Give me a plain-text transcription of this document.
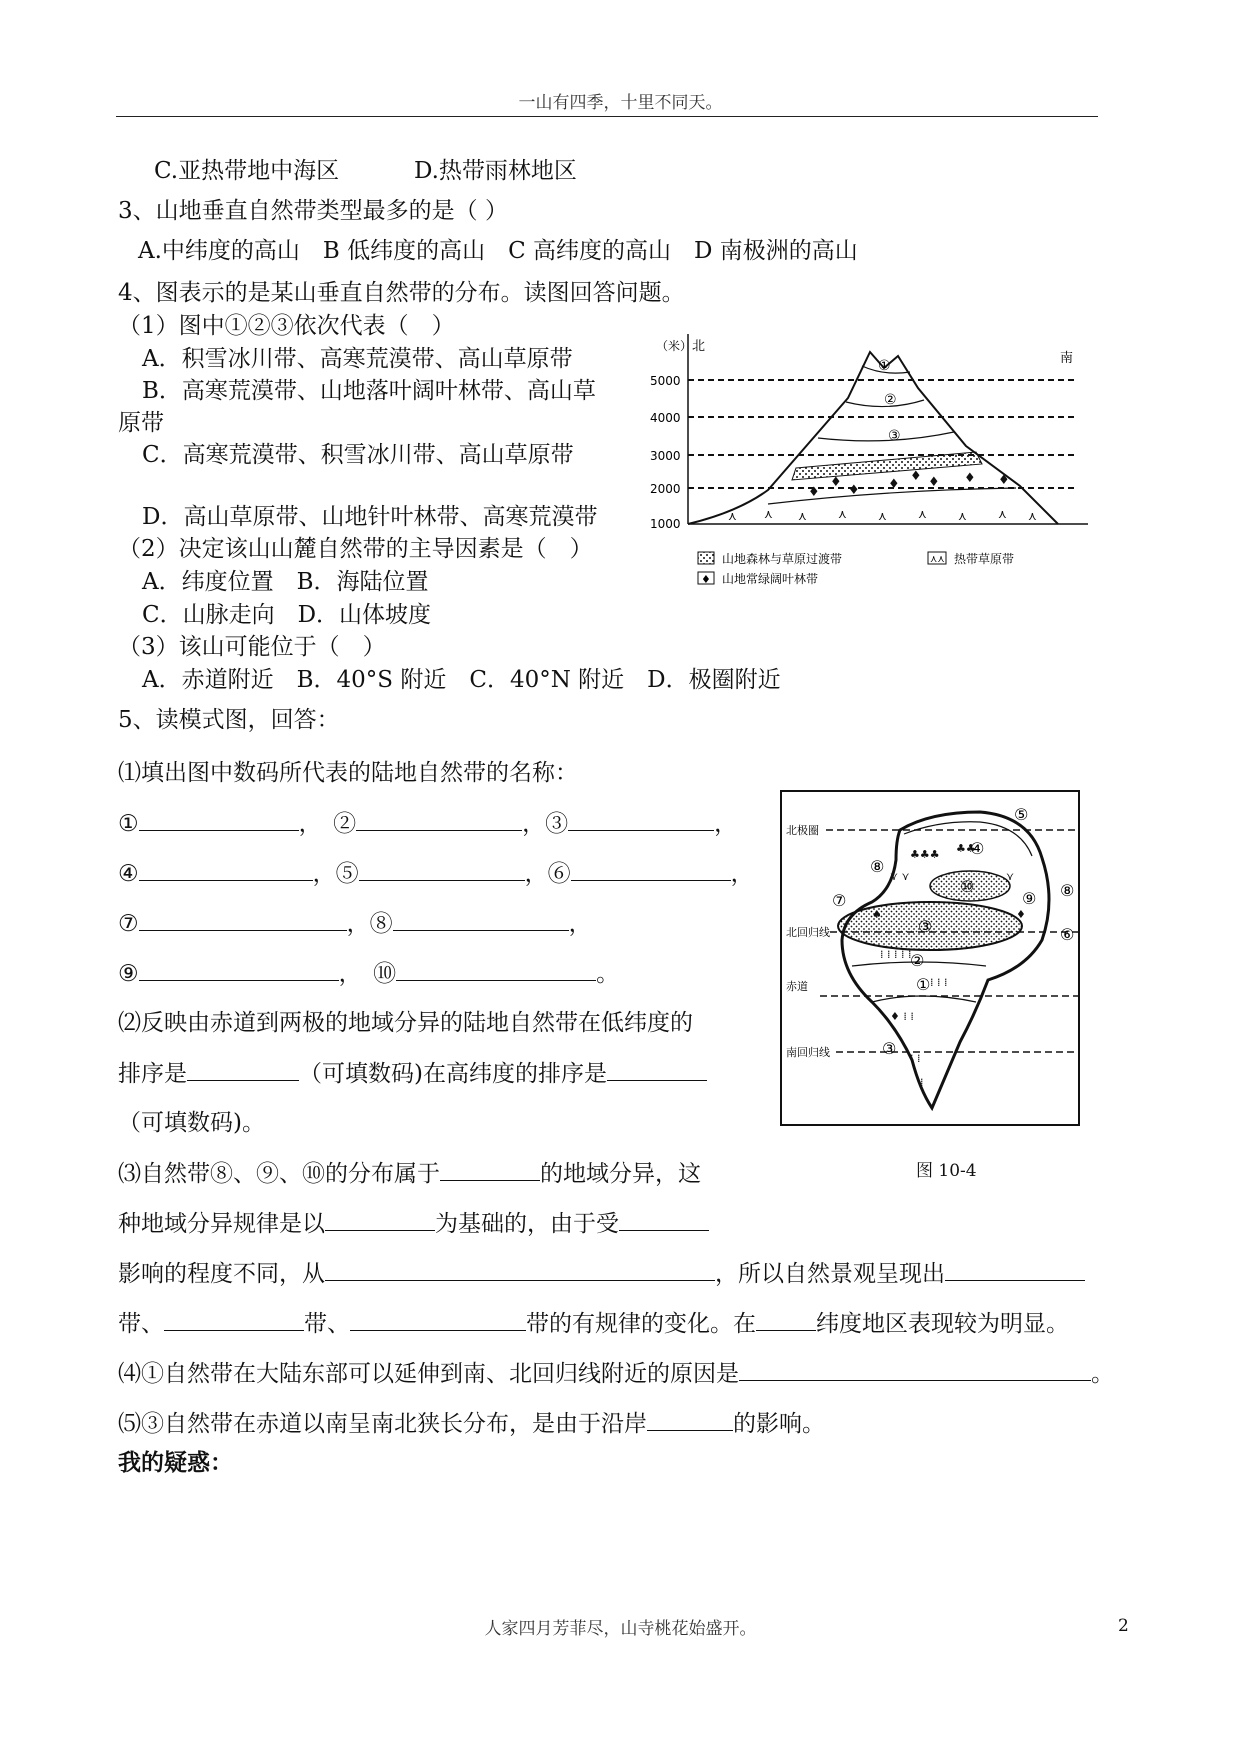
一山有四季，十里不同天。
人家四月芳菲尽，山寺桃花始盛开。	2
C.亚热带地中海区	D.热带雨林地区
3、山地垂直自然带类型最多的是（ ）
A.中纬度的高山　B 低纬度的高山　C 高纬度的高山　D 南极洲的高山
4、图表示的是某山垂直自然带的分布。读图回答问题。
（1）图中①②③依次代表（　）
A．积雪冰川带、高寒荒漠带、高山草原带
B．高寒荒漠带、山地落叶阔叶林带、高山草
原带
C．高寒荒漠带、积雪冰川带、高山草原带
D．高山草原带、山地针叶林带、高寒荒漠带
（2）决定该山山麓自然带的主导因素是（　）
A．纬度位置　B．海陆位置
C．山脉走向　D．山体坡度
（3）该山可能位于（　）
A．赤道附近　B．40°S 附近　C．40°N 附近　D．极圈附近
（米） 北
南
5000
4000
3000
2000
1000
♦ ♦ ♦ ♦ ♦ ♦
♦	♦
⋏ ⋏ ⋏	⋏	⋏	⋏	⋏	⋏ ⋏
①
②
③
山地森林与草原过渡带	⋏⋏ 热带草原带
♦ 山地常绿阔叶林带
5、读模式图，回答：
⑴填出图中数码所代表的陆地自然带的名称：
①	，　②	，③	，
④	，⑤	，⑥	，
⑦	，⑧	，
⑨	，　⑩	。
⑵反映由赤道到两极的地域分异的陆地自然带在低纬度的
排序是	（可填数码)在高纬度的排序是
（可填数码)。
⑶自然带⑧、⑨、⑩的分布属于	的地域分异，这
种地域分异规律是以	为基础的，由于受
影响的程度不同，从	，所以自然景观呈现出
带、	带、	带的有规律的变化。在	纬度地区表现较为明显。
⑷①自然带在大陆东部可以延伸到南、北回归线附近的原因是	。
⑸③自然带在赤道以南呈南北狭长分布，是由于沿岸	的影响。
我的疑惑：
北极圈
北回归线
赤道
南回归线
♣♣♣ ♣♣
⋎ ⋎	⋎
♠	♦
⁞ ⁞ ⁞ ⁞ ⁞
⁞ ⁞ ⁞
♦ ⁞ ⁞
⁞ ⁞
⁞
①
②
③
③
④
⑤
⑥
⑦
⑧
⑧
⑨
⑩
图 10-4
